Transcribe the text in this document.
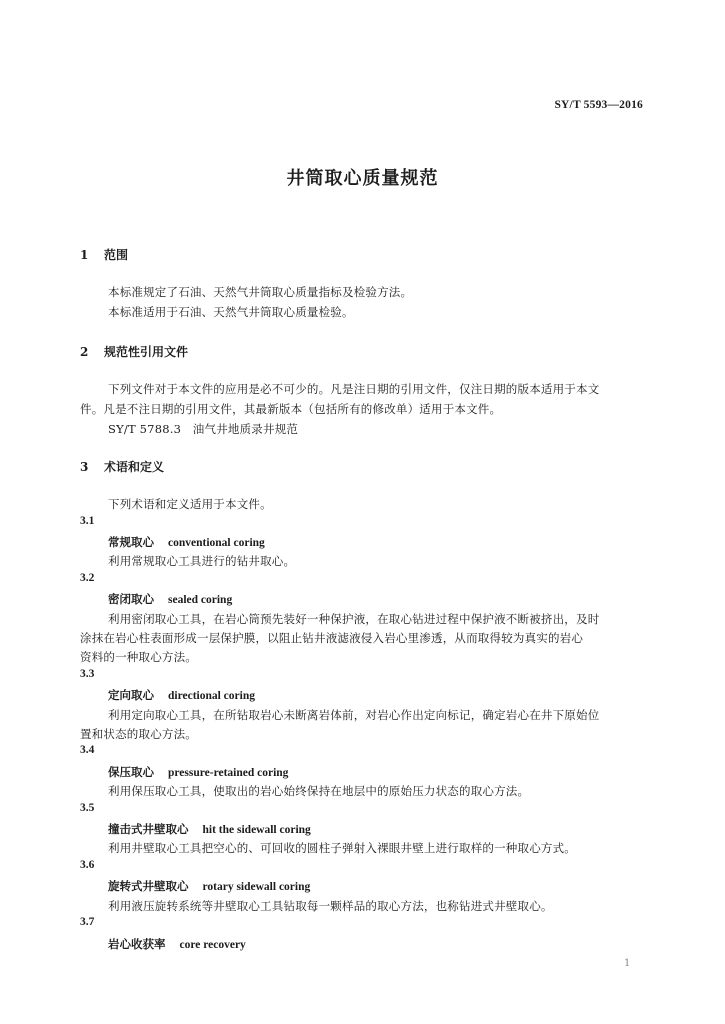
SY/T 5593—2016
井筒取心质量规范
1 范围
本标准规定了石油、天然气井筒取心质量指标及检验方法。
本标准适用于石油、天然气井筒取心质量检验。
2 规范性引用文件
下列文件对于本文件的应用是必不可少的。凡是注日期的引用文件，仅注日期的版本适用于本文
件。凡是不注日期的引用文件，其最新版本（包括所有的修改单）适用于本文件。
SY/T 5788.3　油气井地质录井规范
3 术语和定义
下列术语和定义适用于本文件。
3.1
常规取心 conventional coring
利用常规取心工具进行的钻井取心。
3.2
密闭取心 sealed coring
利用密闭取心工具，在岩心筒预先装好一种保护液，在取心钻进过程中保护液不断被挤出，及时
涂抹在岩心柱表面形成一层保护膜，以阻止钻井液滤液侵入岩心里渗透，从而取得较为真实的岩心
资料的一种取心方法。
3.3
定向取心 directional coring
利用定向取心工具，在所钻取岩心未断离岩体前，对岩心作出定向标记，确定岩心在井下原始位
置和状态的取心方法。
3.4
保压取心 pressure-retained coring
利用保压取心工具，使取出的岩心始终保持在地层中的原始压力状态的取心方法。
3.5
撞击式井壁取心 hit the sidewall coring
利用井壁取心工具把空心的、可回收的圆柱子弹射入裸眼井壁上进行取样的一种取心方式。
3.6
旋转式井壁取心 rotary sidewall coring
利用液压旋转系统等井壁取心工具钻取每一颗样品的取心方法，也称钻进式井壁取心。
3.7
岩心收获率 core recovery
1
